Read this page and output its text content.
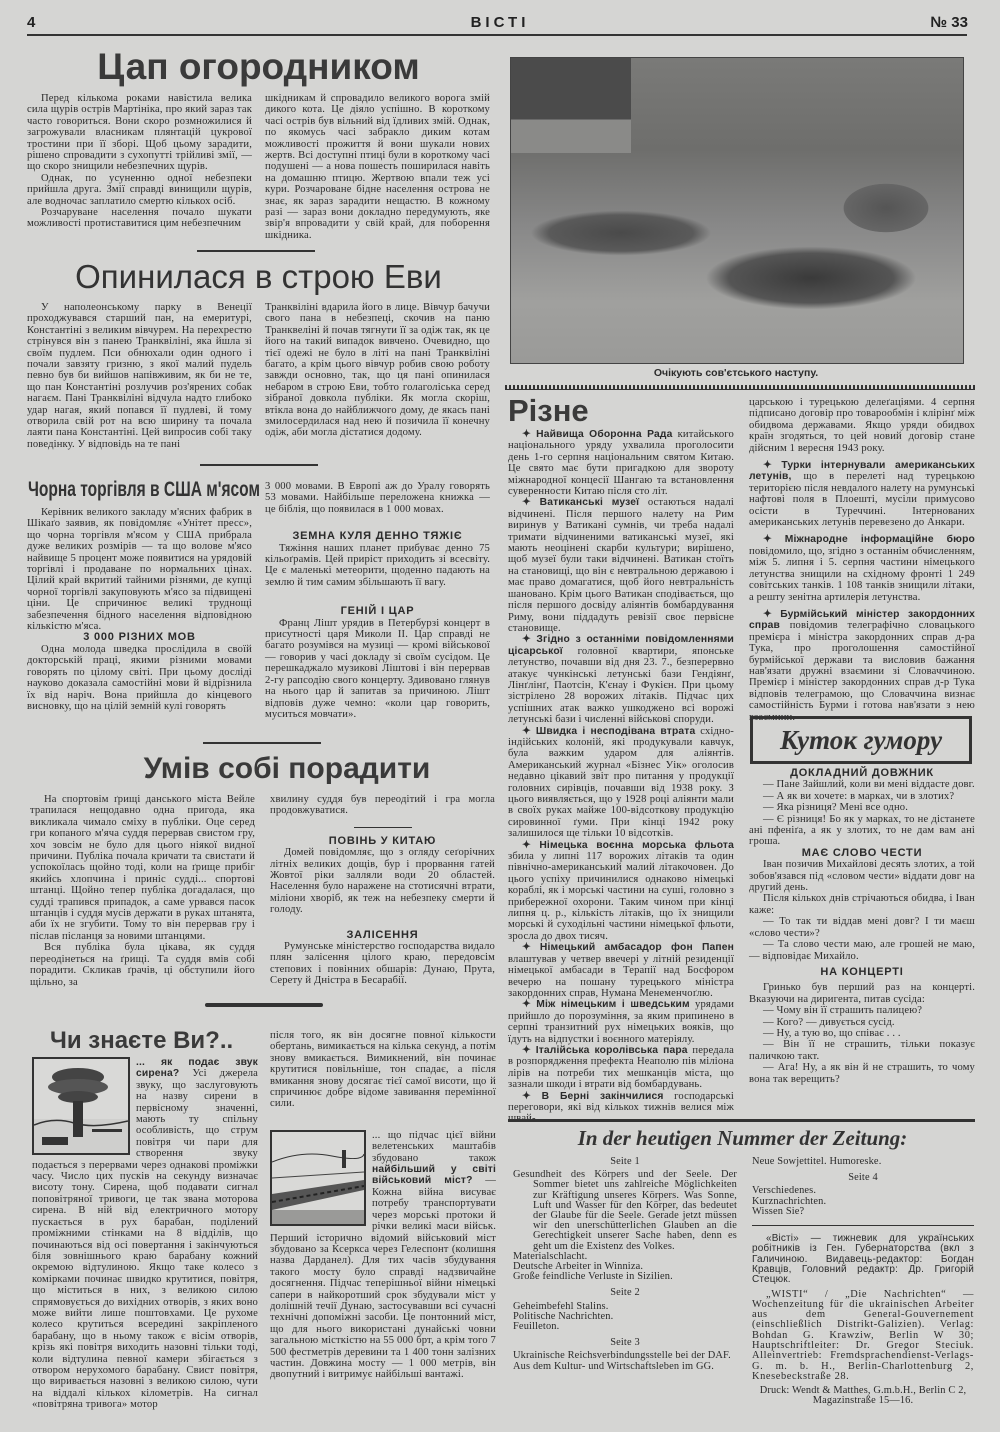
4	ВІСТІ	№ 33
Цап огородником

Перед кількома роками навістила велика сила щурів острів Мартініка, про який зараз так часто говориться. Вони скоро розмножилися й загрожували власникам плянтацій цукрової тростини при її зборі. Щоб цьому зарадити, рішено спровадити з сухопутті трійливі змії, — що скоро знищили небезпечних щурів.

Однак, по усуненню одної небезпеки прийшла друга. Змії справді винищили щурів, але водночас заплатило смертю кількох осіб.

Розчаруване населення почало шукати можливості протиставитися цим небезпечним

шкідникам й спровадило великого ворога змій дикого кота. Це діяло успішно. В короткому часі острів був вільний від їдливих змій. Однак, по якомусь часі забракло диким котам можливості прожиття й вони шукали нових жертв. Всі доступні птиці були в короткому часі подушені — а нова пошесть поширилася навіть на домашню птицю. Жертвою впали теж усі кури. Розчароване бідне населення острова не знає, як зараз зарадити нещастю. В кожному разі — зараз вони докладно передумують, яке звір'я впровадити у свій край, для поборення шкідника.

Опинилася в строю Еви

У наполеонському парку в Венеції проходжувався старший пан, на емеритурі, Константіні з великим вівчурем. На перехрестю стрінувся він з панею Транквіліні, яка йшла зі своїм пудлем. Пси обнюхали один одного і почали завзяту гризню, з якої малий пудель певно був би вийшов напівживим, як би не те, що пан Константіні розлучив роз'ярених собак нагаєм. Пані Транквіліні відчула надто глибоко удар нагая, який попався її пудлеві, й тому отворила свій рот на всю ширину та почала лаяти пана Константіні. Цей випросив собі таку поведінку. У відповідь на те пані

Транквіліні вдарила його в лице. Вівчур бачучи свого пана в небезпеці, скочив на паню Транквеліні й почав тягнути її за одіж так, як це його на такий випадок вивчено. Очевидно, що тієї одежі не було в літі на пані Транквіліні багато, а крім цього вівчур робив свою роботу завжди основно, так, що ця пані опинилася небаром в строю Еви, тобто голаголіська серед зібраної довкола публіки. Як могла скоріш, втікла вона до найближчого дому, де якась пані змилосердилася над нею й позичила її конечну одіж, аби могла дістатися додому.

Чорна торгівля в США м'ясом

Керівник великого закладу м'ясних фабрик в Шікаґо заявив, як повідомляє «Унітет пресс», що чорна торгівля м'ясом у США прибрала дуже великих розмірів — та що волове м'ясо найвище 5 процент може появитися на урядовій торгівлі і продаване по нормальних цінах. Цілий край вкритий тайними різнями, де купці чорної торгівлі закуповують м'ясо за підвищені ціни. Це спричинює великі труднощі забезпечення бідного населення відповідною кількістю м'яса.

3 000 РІЗНИХ МОВ

Одна молода шведка прослідила в своїй докторській праці, якими різними мовами говорять по цілому світі. При цьому досліді науково доказала самостійні мови й відрізнила їх від наріч. Вона прийшла до кінцевого висновку, що на цілій земній кулі говорять

3 000 мовами. В Европі аж до Уралу говорять 53 мовами. Найбільше переложена книжка — це біблія, що появилася в 1 000 мовах.

ЗЕМНА КУЛЯ ДЕННО ТЯЖІЄ

Тяжіння наших планет прибуває денно 75 кільоґрамів. Цей приріст приходить зі всесвіту. Це є маленькі метеорити, щоденно падають на землю й тим самим збільшають її вагу.

ГЕНІЙ І ЦАР

Франц Лішт урядив в Петербурзі концерт в присутності царя Миколи II. Цар справді не багато розумівся на музиці — кромі військової — говорив у часі докладу зі своїм сусідом. Це перешкаджало музикові Ліштові і він перервав 2-гу рапсодію свого концерту. Здивовано глянув на нього цар й запитав за причиною. Лішт відповів дуже чемно: «коли цар говорить, муситься мовчати».

Умів собі порадити

На спортовім ґрищі данського міста Вейле трапилася нещодавно одна пригода, яка викликала чимало сміху в публіки. Оце серед гри копаного м'яча суддя перервав свистом гру, хоч зовсім не було для цього ніякої видної причини. Публіка почала кричати та свистати й успокоїлась щойно тоді, коли на ґрище прибіг якийсь хлопчина і приніс судді... спортові штанці. Щойно тепер публіка догадалася, що судді трапився припадок, а саме урвався пасок штанців і суддя мусів держати в руках штанята, аби їх не згубити. Тому то він перервав гру і післав післанця за новими штанцями.

Вся публіка була цікава, як суддя переодінеться на ґрищі. Та суддя вмів собі порадити. Скликав ґрачів, ці обступили його щільно, за

хвилину суддя був переодітий і гра могла продовжуватися.

ПОВІНЬ У КИТАЮ

Домей повідомляє, що з огляду сеґорічних літніх великих дощів, бур і прорвання гатей Жовтої ріки залляли води 20 областей. Населення було наражене на стотисячні втрати, міліони хворіб, як теж на небезпеку смерти й голоду.

ЗАЛІСЕННЯ

Румунське міністерство господарства видало плян залісення цілого краю, передовсім степових і повінних обшарів: Дунаю, Прута, Серету й Дністра в Бесарабії.

Чи знаєте Ви?..

... як подає звук сирена? Усі джерела звуку, що заслуговують на назву сирени в первісному значенні, мають ту спільну особливість, що струм повітря чи пари для створення звуку подається з перервами через однакові проміжки часу. Число цих пусків на секунду визначає висоту тону. Сирена, щоб подавати сигнал поповітряної тривоги, це так звана моторова сирена. В ній від електричного мотору пускається в рух барабан, поділений проміжними стінками на 8 відділів, що починаються від осі повертання і закінчуються біля зовнішнього краю барабану кожний окремою відтулиною. Якщо таке колесо з комірками починає швидко крутитися, повітря, що міститься в них, з великою силою спрямовується до вихідних отворів, з яких воно може вийти лише поштовхами. Це рухоме колесо крутиться всередині закріпленого барабану, що в ньому також є вісім отворів, крізь які повітря виходить назовні тільки тоді, коли відтулина певної камери збігається з отвором нерухомого барабану. Свист повітря, що виривається назовні з великою силою, чути на віддалі кількох кілометрів. На сигнал «повітряна тривога» мотор

після того, як він досягне повної кількости обертань, вимикається на кілька секунд, а потім знову вмикається. Вимикнений, він починає крутитися повільніше, тон спадає, а після вмикання знову досягає тієї самої висоти, що й спричинює добре відоме завивання перемінної сили.

... що підчас цієї війни велетенських маштабів збудовано також найбільший у світі військовий міст? — Кожна війна висуває потребу транспортувати через морські протоки й річки великі маси військ. Перший історично відомий військовий міст збудовано за Ксеркса через Гелеспонт (колишня назва Дарданел). Для тих часів збудування такого мосту було справді надзвичайне досягнення. Підчас теперішньої війни німецькі сапери в найкоротший срок збудували міст у долішній течії Дунаю, застосувавши всі сучасні технічні допоміжні засоби. Це понтонний міст, що для нього використані дунайські човни загальною місткістю на 55 000 брт, а крім того 7 500 фестметрів деревини та 1 400 тонн залізних частин. Довжина мосту — 1 000 метрів, він двопутний і витримує найбільші вантажі.

Очікують сов'єтського наступу.
Різне

✦ Найвища Оборонна Рада китайського національного уряду ухвалила проголосити день 1-го серпня національним святом Китаю. Це свято має бути пригадкою для звороту міжнародної концесії Шангаю та встановлення суверенности Китаю після сто літ.

✦ Ватиканські музеї остаються надалі відчинені. Після першого налету на Рим виринув у Ватикані сумнів, чи треба надалі тримати відчиненими ватиканські музеї, які мають неоцінені скарби культури; вирішено, щоб музеї були таки відчинені. Ватикан стоїть на становищі, що він є невтральною державою і має право домагатися, щоб його невтральність шановано. Крім цього Ватикан сподівається, що після першого досвіду аліянтів бомбардування Риму, вони піддадуть ревізії своє первісне становище.

✦ Згідно з останніми повідомленнями цісарської головної квартири, японське летунство, почавши від дня 23. 7., безперервно атакує чункінські летунські бази Гендіянґ, Лінґлінґ, Паотсін, К'єнау і Фукієн. При цьому зістрілено 28 ворожих літаків. Підчас цих успішних атак важко ушкоджено всі ворожі летунські бази і численні військові споруди.

✦ Швидка і несподівана втрата східно-індійських колоній, які продукували кавчук, була важким ударом для аліянтів. Американський журнал «Бізнес Уік» оголосив недавно цікавий звіт про питання у продукції головних сирівців, почавши від 1938 року. З цього виявляється, що у 1928 році аліянти мали в своїх руках майже 100-відсоткову продукцію сировинної ґуми. При кінці 1942 року залишилося ще тільки 10 відсотків.

✦ Німецька воєнна морська фльота збила у липні 117 ворожих літаків та один північно-американський малий літакочовен. До цього успіху причинилися однаково німецькі кораблі, як і морські частини на суші, головно з прибережної охорони. Таким чином при кінці липня ц. р., кількість літаків, що їх знищили морські й суходільні частини німецької фльоти, зросла до двох тисяч.

✦ Німецький амбасадор фон Папен влаштував у четвер ввечері у літній резиденції німецької амбасади в Терапії над Босфором вечерю на пошану турецького міністра закордонних справ, Нумана Менеменчоґлю.

✦ Між німецьким і шведським урядами прийшло до порозуміння, за яким припинено в серпні транзитний рух німецьких вояків, що їдуть на відпустки і воєнного матеріялу.

✦ Італійська королівська пара передала в розпорядження префекта Неаполю пів міліона лірів на потреби тих мешканців міста, що зазнали шкоди і втрати від бомбардувань.

✦ В Берні закінчилися господарські переговори, які від кількох тижнів велися між

царською і турецькою делеґаціями. 4 серпня підписано договір про товарообмін і клірінґ між обидвома державами. Якщо уряди обидвох країн згодяться, то цей новий договір стане дійсним 1 вересня 1943 року.

✦ Турки інтернували американських летунів, що в перелеті над турецькою територією після невдалого налету на румунські нафтові поля в Плоешті, мусіли примусово осісти в Туреччині. Інтернованих американських летунів перевезено до Анкари.

✦ Міжнародне інформаційне бюро повідомило, що, згідно з останнім обчисленням, між 5. липня і 5. серпня частини німецького летунства знищили на східному фронті 1 249 совітських танків. 1 108 танків знищили літаки, а решту зенітна артилерія летунства.

✦ Бурмійський міністер закордонних справ повідомив телеграфічно словацького премієра і міністра закордонних справ д-ра Тука, про проголошення самостійної бурмійської держави та висловив бажання нав'язати дружні взаємини зі Словаччиною. Премієр і міністер закордонних справ д-р Тука відповів телеграмою, що Словаччина визнає самостійність Бурми і готова нав'язати з нею взаємини.

Куток гумору

ДОКЛАДНИЙ ДОВЖНИК

— Пане Зайшлий, коли ви мені віддасте довг.

— А як ви хочете: в марках, чи в злотих?

— Яка різниця? Мені все одно.

— Є різниця! Бо як у марках, то не дістанете ані пфеніґа, а як у злотих, то не дам вам ані гроша.

МАЄ СЛОВО ЧЕСТИ

Іван позичив Михайлові десять злотих, а той зобов'язався під «словом чести» віддати довг на другий день.

Після кількох днів стрічаються обидва, і Іван каже:

— То так ти віддав мені довг? І ти маєш «слово чести»?

— Та слово чести маю, але грошей не маю, — відповідає Михайло.

НА КОНЦЕРТІ

Гринько був перший раз на концерті. Вказуючи на диригента, питав сусіда:

— Чому він її страшить палицею?

— Кого? — дивується сусід.

— Ну, а тую во, що співає . . .

— Він її не страшить, тільки показує паличкою такт.

— Ага! Ну, а як він й не страшить, то чому вона так верещить?

In der heutigen Nummer der Zeitung:

Seite 1

Gesundheit des Körpers und der Seele. Der Sommer bietet uns zahlreiche Möglichkeiten zur Kräftigung unseres Körpers. Was Sonne, Luft und Wasser für den Körper, das bedeutet der Glaube für die Seele. Gerade jetzt müssen wir den unerschütterlichen Glauben an die Gerechtigkeit unserer Sache haben, denn es geht um die Existenz des Volkes.

Materialschlacht.

Deutsche Arbeiter in Winniza.

Große feindliche Verluste in Sizilien.

Seite 2

Geheimbefehl Stalins.

Politische Nachrichten.

Feuilleton.

Seite 3

Ukrainische Reichsverbindungsstelle bei der DAF.

Aus dem Kultur- und Wirtschaftsleben im GG.

Neue Sowjettitel. Humoreske.

Seite 4

Verschiedenes.

Kurznachrichten.

Wissen Sie?

«Вісті» — тижневик для українських робітників із Ген. Губернаторства (вкл з Галичиною. Видавець-редактор: Богдан Кравців, Головний редактр: Др. Григорій Стецюк.

„WISTI“ / „Die Nachrichten“ — Wochenzeitung für die ukrainischen Arbeiter aus dem General-Gouvernement (einschließlich Distrikt-Galizien). Verlag: Bohdan G. Krawziw, Berlin W 30; Hauptschriftleiter: Dr. Gregor Steciuk. Alleinvertrieb: Fremdsprachendienst-Verlags-G. m. b. H., Berlin-Charlottenburg 2, Knesebeckstraße 28.

Druck: Wendt & Matthes, G.m.b.H., Berlin C 2, Magazinstraße 15—16.
